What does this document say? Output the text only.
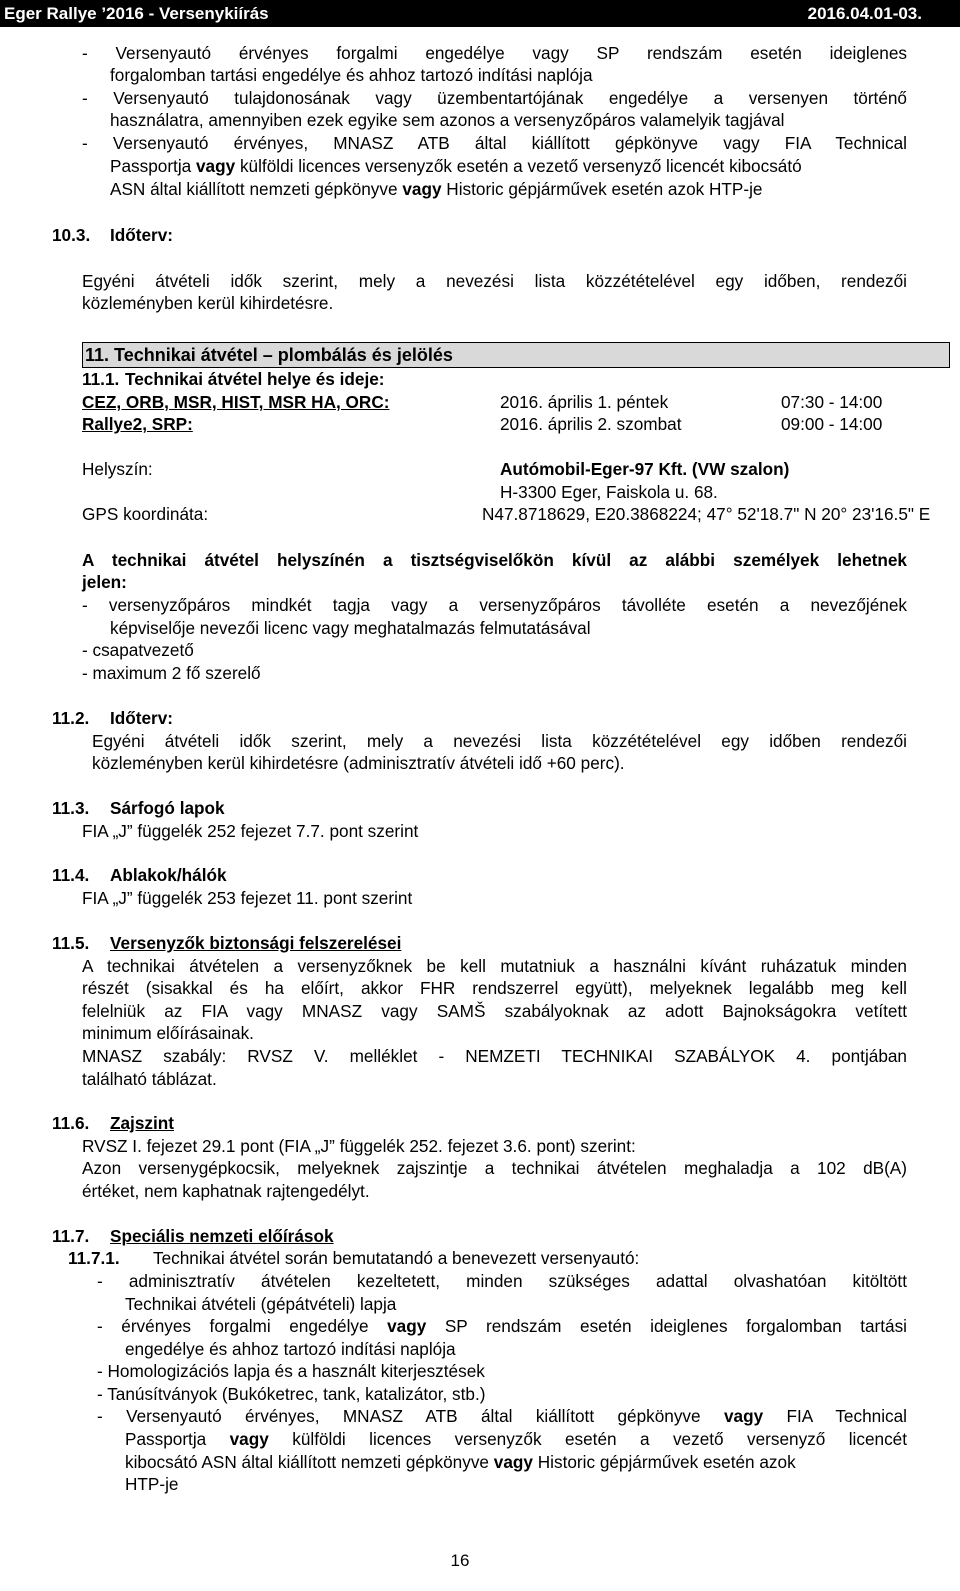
Eger Rallye ’2016 - Versenykiírás	2016.04.01-03.
- Versenyautó érvényes forgalmi engedélye vagy SP rendszám esetén ideiglenes
forgalomban tartási engedélye és ahhoz tartozó indítási naplója
- Versenyautó tulajdonosának vagy üzembentartójának engedélye a versenyen történő
használatra, amennyiben ezek egyike sem azonos a versenyzőpáros valamelyik tagjával
- Versenyautó érvényes, MNASZ ATB által kiállított gépkönyve vagy FIA Technical
Passportja vagy külföldi licences versenyzők esetén a vezető versenyző licencét kibocsátó
ASN által kiállított nemzeti gépkönyve vagy Historic gépjárművek esetén azok HTP-je
10.3. Időterv:
Egyéni átvételi idők szerint, mely a nevezési lista közzétételével egy időben, rendezői
közleményben kerül kihirdetésre.
11. Technikai átvétel – plombálás és jelölés
11.1. Technikai átvétel helye és ideje:
CEZ, ORB, MSR, HIST, MSR HA, ORC:	2016. április 1. péntek	07:30 - 14:00
Rallye2, SRP:	2016. április 2. szombat	09:00 - 14:00
Helyszín:	Autómobil-Eger-97 Kft. (VW szalon)
H-3300 Eger, Faiskola u. 68.
GPS koordináta:	N47.8718629, E20.3868224; 47° 52'18.7" N 20° 23'16.5" E
A technikai átvétel helyszínén a tisztségviselőkön kívül az alábbi személyek lehetnek
jelen:
- versenyzőpáros mindkét tagja vagy a versenyzőpáros távolléte esetén a nevezőjének
képviselője nevezői licenc vagy meghatalmazás felmutatásával
- csapatvezető
- maximum 2 fő szerelő
11.2. Időterv:
Egyéni átvételi idők szerint, mely a nevezési lista közzétételével egy időben rendezői
közleményben kerül kihirdetésre (adminisztratív átvételi idő +60 perc).
11.3. Sárfogó lapok
FIA „J” függelék 252 fejezet 7.7. pont szerint
11.4. Ablakok/hálók
FIA „J” függelék 253 fejezet 11. pont szerint
11.5. Versenyzők biztonsági felszerelései
A technikai átvételen a versenyzőknek be kell mutatniuk a használni kívánt ruházatuk minden
részét (sisakkal és ha előírt, akkor FHR rendszerrel együtt), melyeknek legalább meg kell
felelniük az FIA vagy MNASZ vagy SAMŠ szabályoknak az adott Bajnokságokra vetített
minimum előírásainak.
MNASZ szabály: RVSZ V. melléklet - NEMZETI TECHNIKAI SZABÁLYOK 4. pontjában
található táblázat.
11.6. Zajszint
RVSZ I. fejezet 29.1 pont (FIA „J” függelék 252. fejezet 3.6. pont) szerint:
Azon versenygépkocsik, melyeknek zajszintje a technikai átvételen meghaladja a 102 dB(A)
értéket, nem kaphatnak rajtengedélyt.
11.7. Speciális nemzeti előírások
11.7.1. Technikai átvétel során bemutatandó a benevezett versenyautó:
- adminisztratív átvételen kezeltetett, minden szükséges adattal olvashatóan kitöltött
Technikai átvételi (gépátvételi) lapja
- érvényes forgalmi engedélye vagy SP rendszám esetén ideiglenes forgalomban tartási
engedélye és ahhoz tartozó indítási naplója
- Homologizációs lapja és a használt kiterjesztések
- Tanúsítványok (Bukóketrec, tank, katalizátor, stb.)
- Versenyautó érvényes, MNASZ ATB által kiállított gépkönyve vagy FIA Technical
Passportja vagy külföldi licences versenyzők esetén a vezető versenyző licencét
kibocsátó ASN által kiállított nemzeti gépkönyve vagy Historic gépjárművek esetén azok
HTP-je
16
